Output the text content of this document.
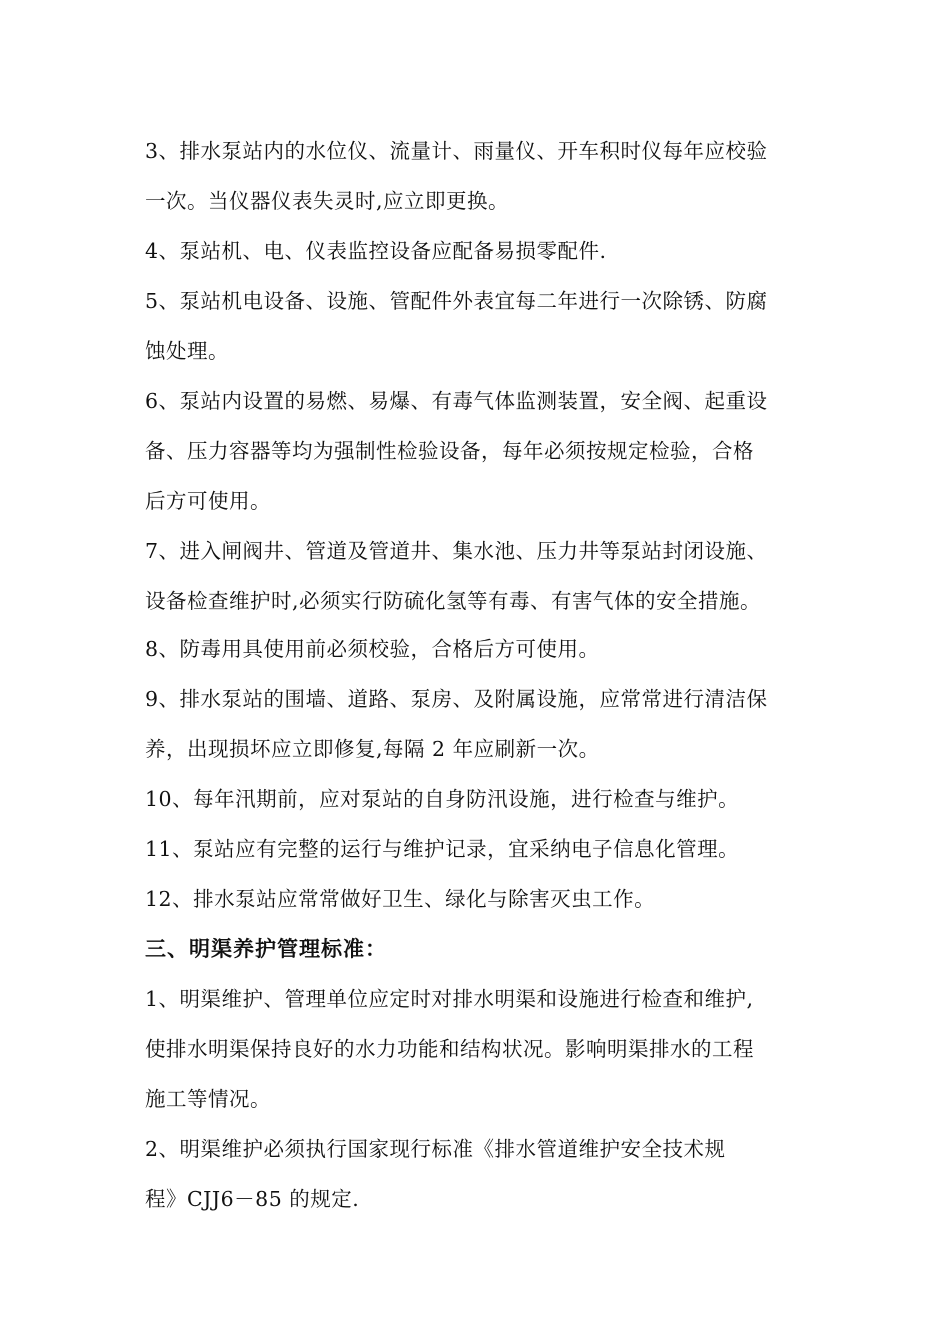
3、排水泵站内的水位仪、流量计、雨量仪、开车积时仪每年应校验
一次。当仪器仪表失灵时,应立即更换。
4、泵站机、电、仪表监控设备应配备易损零配件.
5、泵站机电设备、设施、管配件外表宜每二年进行一次除锈、防腐
蚀处理。
6、泵站内设置的易燃、易爆、有毒气体监测装置，安全阀、起重设
备、压力容器等均为强制性检验设备，每年必须按规定检验，合格
后方可使用。
7、进入闸阀井、管道及管道井、集水池、压力井等泵站封闭设施、
设备检查维护时,必须实行防硫化氢等有毒、有害气体的安全措施。
8、防毒用具使用前必须校验，合格后方可使用。
9、排水泵站的围墙、道路、泵房、及附属设施，应常常进行清洁保
养，出现损坏应立即修复,每隔 2 年应刷新一次。
10、每年汛期前，应对泵站的自身防汛设施，进行检查与维护。
11、泵站应有完整的运行与维护记录，宜采纳电子信息化管理。
12、排水泵站应常常做好卫生、绿化与除害灭虫工作。
三、明渠养护管理标准：
1、明渠维护、管理单位应定时对排水明渠和设施进行检查和维护,
使排水明渠保持良好的水力功能和结构状况。影响明渠排水的工程
施工等情况。
2、明渠维护必须执行国家现行标准《排水管道维护安全技术规
程》CJJ6－85 的规定.
